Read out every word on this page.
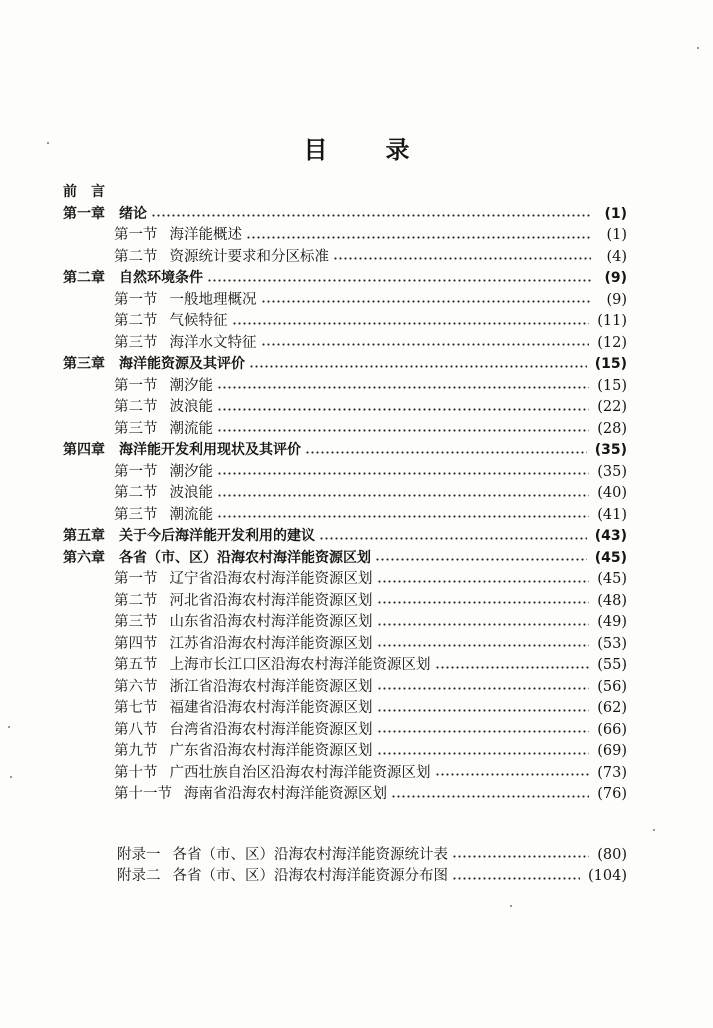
目 录
前　言
第一章 绪论	(1)
第一节 海洋能概述	(1)
第二节 资源统计要求和分区标准	(4)
第二章 自然环境条件	(9)
第一节 一般地理概况	(9)
第二节 气候特征	(11)
第三节 海洋水文特征	(12)
第三章 海洋能资源及其评价	(15)
第一节 潮汐能	(15)
第二节 波浪能	(22)
第三节 潮流能	(28)
第四章 海洋能开发利用现状及其评价	(35)
第一节 潮汐能	(35)
第二节 波浪能	(40)
第三节 潮流能	(41)
第五章 关于今后海洋能开发利用的建议	(43)
第六章 各省（市、区）沿海农村海洋能资源区划	(45)
第一节 辽宁省沿海农村海洋能资源区划	(45)
第二节 河北省沿海农村海洋能资源区划	(48)
第三节 山东省沿海农村海洋能资源区划	(49)
第四节 江苏省沿海农村海洋能资源区划	(53)
第五节 上海市长江口区沿海农村海洋能资源区划	(55)
第六节 浙江省沿海农村海洋能资源区划	(56)
第七节 福建省沿海农村海洋能资源区划	(62)
第八节 台湾省沿海农村海洋能资源区划	(66)
第九节 广东省沿海农村海洋能资源区划	(69)
第十节 广西壮族自治区沿海农村海洋能资源区划	(73)
第十一节 海南省沿海农村海洋能资源区划	(76)
附录一 各省（市、区）沿海农村海洋能资源统计表	(80)
附录二 各省（市、区）沿海农村海洋能资源分布图	(104)
